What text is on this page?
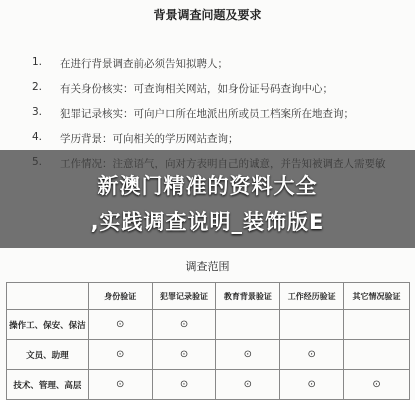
背景调查问题及要求
1. 在进行背景调查前必须告知拟聘人；
2. 有关身份核实：可查询相关网站，如身份证号码查询中心；
3. 犯罪记录核实：可向户口所在地派出所或员工档案所在地查询；
4. 学历背景：可向相关的学历网站查询；
新澳门精准的资料大全
,实践调查说明_装饰版E
调查范围
	身份验证	犯罪记录验证	教育背景验证	工作经历验证	其它情况验证
操作工、保安、保洁	⊙	⊙			
文员、助理	⊙	⊙	⊙	⊙	
技术、管理、高层	⊙	⊙	⊙	⊙	⊙
